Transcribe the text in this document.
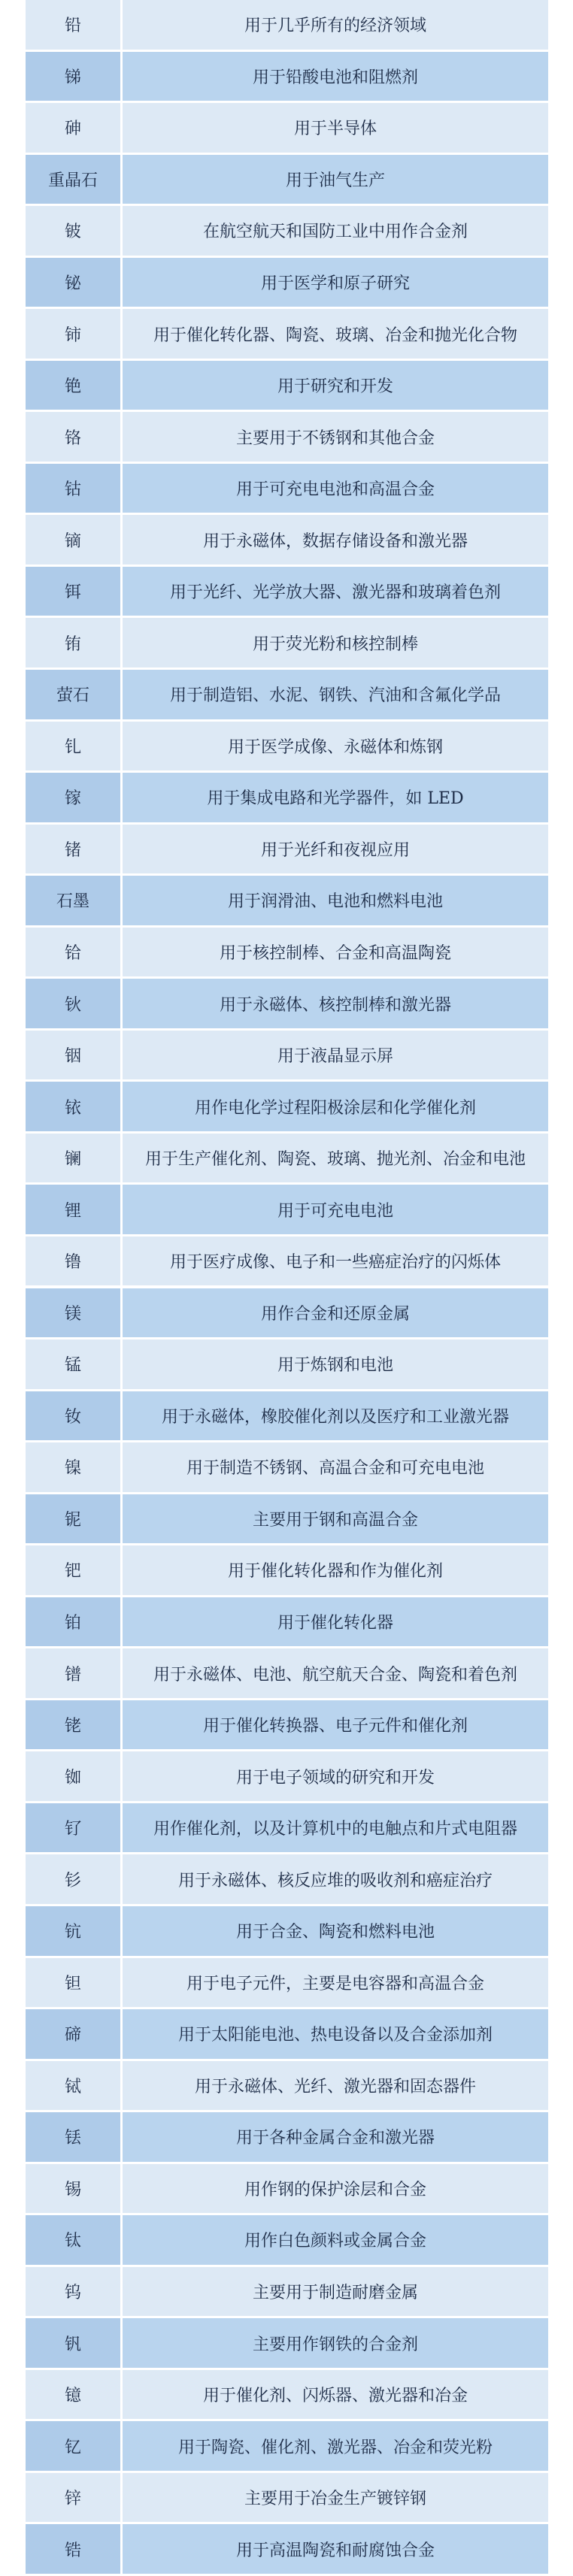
铅	用于几乎所有的经济领域
锑	用于铅酸电池和阻燃剂
砷	用于半导体
重晶石	用于油气生产
铍	在航空航天和国防工业中用作合金剂
铋	用于医学和原子研究
铈	用于催化转化器、陶瓷、玻璃、冶金和抛光化合物
铯	用于研究和开发
铬	主要用于不锈钢和其他合金
钴	用于可充电电池和高温合金
镝	用于永磁体，数据存储设备和激光器
铒	用于光纤、光学放大器、激光器和玻璃着色剂
铕	用于荧光粉和核控制棒
萤石	用于制造铝、水泥、钢铁、汽油和含氟化学品
钆	用于医学成像、永磁体和炼钢
镓	用于集成电路和光学器件，如 LED
锗	用于光纤和夜视应用
石墨	用于润滑油、电池和燃料电池
铪	用于核控制棒、合金和高温陶瓷
钬	用于永磁体、核控制棒和激光器
铟	用于液晶显示屏
铱	用作电化学过程阳极涂层和化学催化剂
镧	用于生产催化剂、陶瓷、玻璃、抛光剂、冶金和电池
锂	用于可充电电池
镥	用于医疗成像、电子和一些癌症治疗的闪烁体
镁	用作合金和还原金属
锰	用于炼钢和电池
钕	用于永磁体，橡胶催化剂以及医疗和工业激光器
镍	用于制造不锈钢、高温合金和可充电电池
铌	主要用于钢和高温合金
钯	用于催化转化器和作为催化剂
铂	用于催化转化器
镨	用于永磁体、电池、航空航天合金、陶瓷和着色剂
铑	用于催化转换器、电子元件和催化剂
铷	用于电子领域的研究和开发
钌	用作催化剂，以及计算机中的电触点和片式电阻器
钐	用于永磁体、核反应堆的吸收剂和癌症治疗
钪	用于合金、陶瓷和燃料电池
钽	用于电子元件，主要是电容器和高温合金
碲	用于太阳能电池、热电设备以及合金添加剂
铽	用于永磁体、光纤、激光器和固态器件
铥	用于各种金属合金和激光器
锡	用作钢的保护涂层和合金
钛	用作白色颜料或金属合金
钨	主要用于制造耐磨金属
钒	主要用作钢铁的合金剂
镱	用于催化剂、闪烁器、激光器和冶金
钇	用于陶瓷、催化剂、激光器、冶金和荧光粉
锌	主要用于冶金生产镀锌钢
锆	用于高温陶瓷和耐腐蚀合金
